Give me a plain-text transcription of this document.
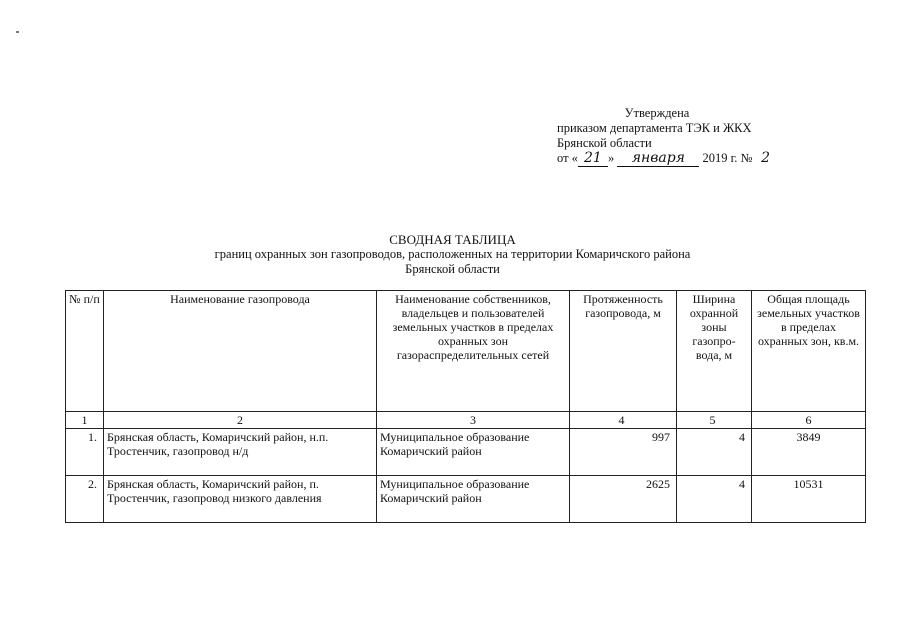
Утверждена
приказом департамента ТЭК и ЖКХ
Брянской области
от « 21 » января 2019 г. № 2
СВОДНАЯ ТАБЛИЦА
границ охранных зон газопроводов, расположенных на территории Комаричского района
Брянской области
№ п/п	Наименование газопровода	Наименование собственников, владельцев и пользователей земельных участков в пределах охранных зон газораспределительных сетей	Протяженность газопровода, м	Ширина охранной зоны газопро-вода, м	Общая площадь земельных участков в пределах охранных зон, кв.м.
1	2	3	4	5	6
1.	Брянская область, Комаричский район, н.п. Тростенчик, газопровод н/д	Муниципальное образование Комаричский район	997	4	3849
2.	Брянская область, Комаричский район, п. Тростенчик, газопровод низкого давления	Муниципальное образование Комаричский район	2625	4	10531
